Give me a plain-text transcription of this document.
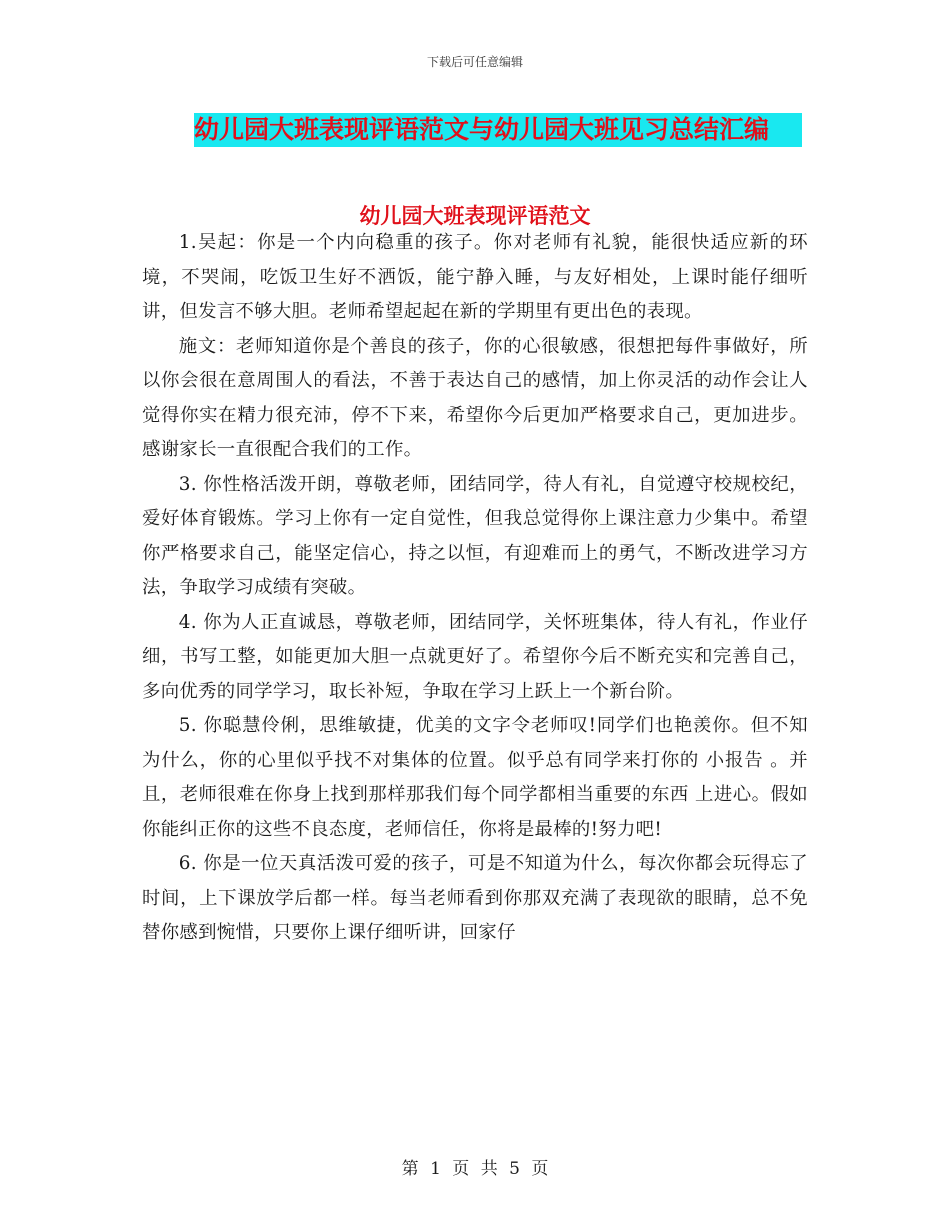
下载后可任意编辑
幼儿园大班表现评语范文与幼儿园大班见习总结汇编
幼儿园大班表现评语范文

1.吴起：你是一个内向稳重的孩子。你对老师有礼貌，能很快适应新的环境，不哭闹，吃饭卫生好不洒饭，能宁静入睡，与友好相处，上课时能仔细听讲，但发言不够大胆。老师希望起起在新的学期里有更出色的表现。

施文：老师知道你是个善良的孩子，你的心很敏感，很想把每件事做好，所以你会很在意周围人的看法，不善于表达自己的感情，加上你灵活的动作会让人觉得你实在精力很充沛，停不下来，希望你今后更加严格要求自己，更加进步。感谢家长一直很配合我们的工作。

3. 你性格活泼开朗，尊敬老师，团结同学，待人有礼，自觉遵守校规校纪，爱好体育锻炼。学习上你有一定自觉性，但我总觉得你上课注意力少集中。希望你严格要求自己，能坚定信心，持之以恒，有迎难而上的勇气，不断改进学习方法，争取学习成绩有突破。

4. 你为人正直诚恳，尊敬老师，团结同学，关怀班集体，待人有礼，作业仔细，书写工整，如能更加大胆一点就更好了。希望你今后不断充实和完善自己，多向优秀的同学学习，取长补短，争取在学习上跃上一个新台阶。

5. 你聪慧伶俐，思维敏捷，优美的文字令老师叹!同学们也艳羡你。但不知为什么，你的心里似乎找不对集体的位置。似乎总有同学来打你的 小报告 。并且，老师很难在你身上找到那样那我们每个同学都相当重要的东西 上进心。假如你能纠正你的这些不良态度，老师信任，你将是最棒的!努力吧!

6. 你是一位天真活泼可爱的孩子，可是不知道为什么，每次你都会玩得忘了时间，上下课放学后都一样。每当老师看到你那双充满了表现欲的眼睛，总不免替你感到惋惜，只要你上课仔细听讲，回家仔

第 1 页 共 5 页
